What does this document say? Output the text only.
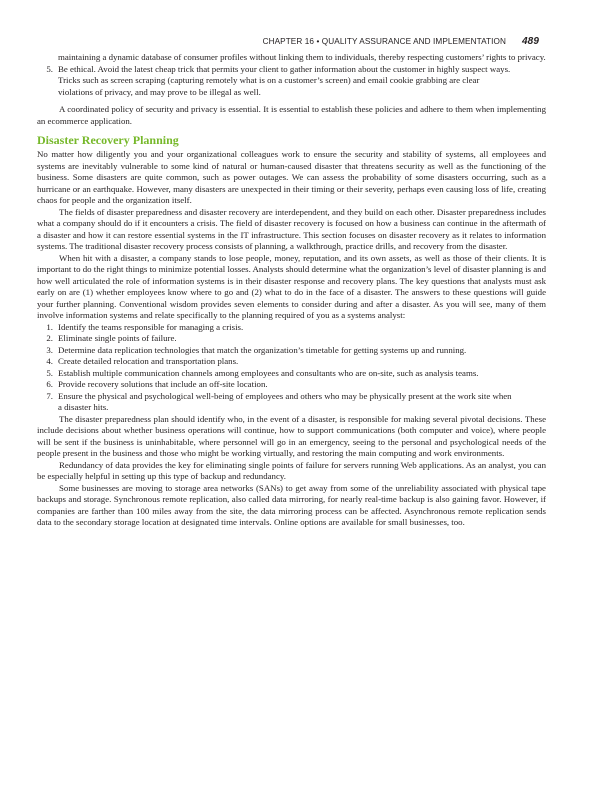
CHAPTER 16 • QUALITY ASSURANCE AND IMPLEMENTATION 489

maintaining a dynamic database of consumer profiles without linking them to individuals, thereby respecting customers’ rights to privacy.

5. Be ethical. Avoid the latest cheap trick that permits your client to gather information about the customer in highly suspect ways. Tricks such as screen scraping (capturing remotely what is on a customer’s screen) and email cookie grabbing are clear violations of privacy, and may prove to be illegal as well.

A coordinated policy of security and privacy is essential. It is essential to establish these policies and adhere to them when implementing an ecommerce application.

Disaster Recovery Planning

No matter how diligently you and your organizational colleagues work to ensure the security and stability of systems, all employees and systems are inevitably vulnerable to some kind of natural or human-caused disaster that threatens security as well as the functioning of the business. Some disasters are quite common, such as power outages. We can assess the probability of some disasters occurring, such as a hurricane or an earthquake. However, many disasters are unexpected in their timing or their severity, perhaps even causing loss of life, creating chaos for people and the organization itself.

The fields of disaster preparedness and disaster recovery are interdependent, and they build on each other. Disaster preparedness includes what a company should do if it encounters a crisis. The field of disaster recovery is focused on how a business can continue in the aftermath of a disaster and how it can restore essential systems in the IT infrastructure. This section focuses on disaster recovery as it relates to information systems. The traditional disaster recovery process consists of planning, a walkthrough, practice drills, and recovery from the disaster.

When hit with a disaster, a company stands to lose people, money, reputation, and its own assets, as well as those of their clients. It is important to do the right things to minimize potential losses. Analysts should determine what the organization’s level of disaster planning is and how well articulated the role of information systems is in their disaster response and recovery plans. The key questions that analysts must ask early on are (1) whether employees know where to go and (2) what to do in the face of a disaster. The answers to these questions will guide your further planning. Conventional wisdom provides seven elements to consider during and after a disaster. As you will see, many of them involve information systems and relate specifically to the planning required of you as a systems analyst:

1. Identify the teams responsible for managing a crisis.
2. Eliminate single points of failure.
3. Determine data replication technologies that match the organization’s timetable for getting systems up and running.
4. Create detailed relocation and transportation plans.
5. Establish multiple communication channels among employees and consultants who are on-site, such as analysis teams.
6. Provide recovery solutions that include an off-site location.
7. Ensure the physical and psychological well-being of employees and others who may be physically present at the work site when a disaster hits.

The disaster preparedness plan should identify who, in the event of a disaster, is responsible for making several pivotal decisions. These include decisions about whether business operations will continue, how to support communications (both computer and voice), where people will be sent if the business is uninhabitable, where personnel will go in an emergency, seeing to the personal and psychological needs of the people present in the business and those who might be working virtually, and restoring the main computing and work environments.

Redundancy of data provides the key for eliminating single points of failure for servers running Web applications. As an analyst, you can be especially helpful in setting up this type of backup and redundancy.

Some businesses are moving to storage area networks (SANs) to get away from some of the unreliability associated with physical tape backups and storage. Synchronous remote replication, also called data mirroring, for nearly real-time backup is also gaining favor. However, if companies are farther than 100 miles away from the site, the data mirroring process can be affected. Asynchronous remote replication sends data to the secondary storage location at designated time intervals. Online options are available for small businesses, too.
